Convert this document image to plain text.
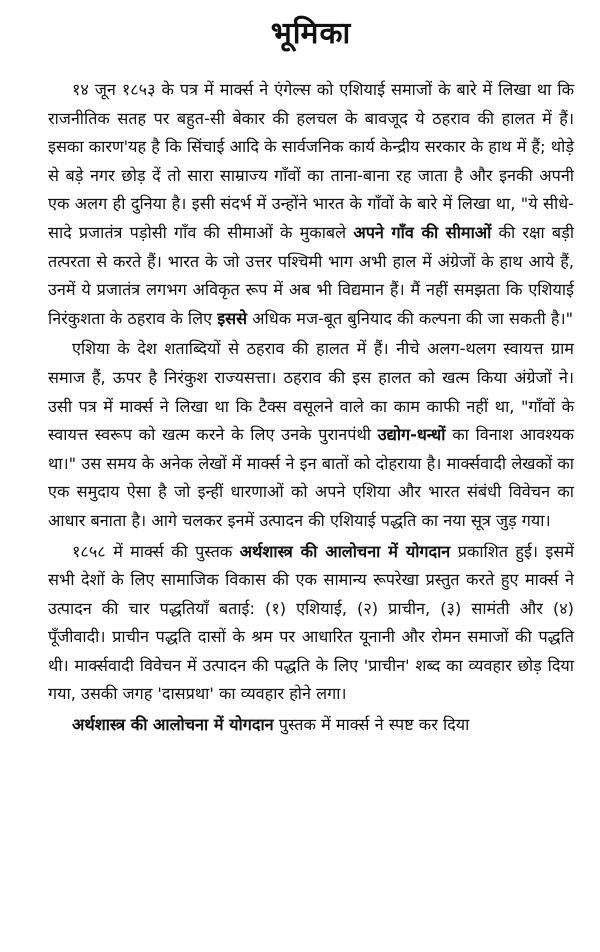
भूमिका

१४ जून १८५३ के पत्र में मार्क्स ने एंगेल्स को एशियाई समाजों के बारे में लिखा था कि राजनीतिक सतह पर बहुत-सी बेकार की हलचल के बावजूद ये ठहराव की हालत में हैं। इसका कारण'यह है कि सिंचाई आदि के सार्वजनिक कार्य केन्द्रीय सरकार के हाथ में हैं; थोड़े से बड़े नगर छोड़ दें तो सारा साम्राज्य गाँवों का ताना-बाना रह जाता है और इनकी अपनी एक अलग ही दुनिया है। इसी संदर्भ में उन्होंने भारत के गाँवों के बारे में लिखा था, "ये सीधे-सादे प्रजातंत्र पड़ोसी गाँव की सीमाओं के मुकाबले अपने गाँव की सीमाओं की रक्षा बड़ी तत्परता से करते हैं। भारत के जो उत्तर पश्चिमी भाग अभी हाल में अंग्रेजों के हाथ आये हैं, उनमें ये प्रजातंत्र लगभग अविकृत रूप में अब भी विद्यमान हैं। मैं नहीं समझता कि एशियाई निरंकुशता के ठहराव के लिए इससे अधिक मज-बूत बुनियाद की कल्पना की जा सकती है।"

एशिया के देश शताब्दियों से ठहराव की हालत में हैं। नीचे अलग-थलग स्वायत्त ग्राम समाज हैं, ऊपर है निरंकुश राज्यसत्ता। ठहराव की इस हालत को खत्म किया अंग्रेजों ने। उसी पत्र में मार्क्स ने लिखा था कि टैक्स वसूलने वाले का काम काफी नहीं था, "गाँवों के स्वायत्त स्वरूप को खत्म करने के लिए उनके पुरानपंथी उद्योग-धन्धों का विनाश आवश्यक था।" उस समय के अनेक लेखों में मार्क्स ने इन बातों को दोहराया है। मार्क्सवादी लेखकों का एक समुदाय ऐसा है जो इन्हीं धारणाओं को अपने एशिया और भारत संबंधी विवेचन का आधार बनाता है। आगे चलकर इनमें उत्पादन की एशियाई पद्धति का नया सूत्र जुड़ गया।

१८५८ में मार्क्स की पुस्तक अर्थशास्त्र की आलोचना में योगदान प्रकाशित हुई। इसमें सभी देशों के लिए सामाजिक विकास की एक सामान्य रूपरेखा प्रस्तुत करते हुए मार्क्स ने उत्पादन की चार पद्धतियाँ बताई: (१) एशियाई, (२) प्राचीन, (३) सामंती और (४) पूँजीवादी। प्राचीन पद्धति दासों के श्रम पर आधारित यूनानी और रोमन समाजों की पद्धति थी। मार्क्सवादी विवेचन में उत्पादन की पद्धति के लिए 'प्राचीन' शब्द का व्यवहार छोड़ दिया गया, उसकी जगह 'दासप्रथा' का व्यवहार होने लगा।

अर्थशास्त्र की आलोचना में योगदान पुस्तक में मार्क्स ने स्पष्ट कर दिया
